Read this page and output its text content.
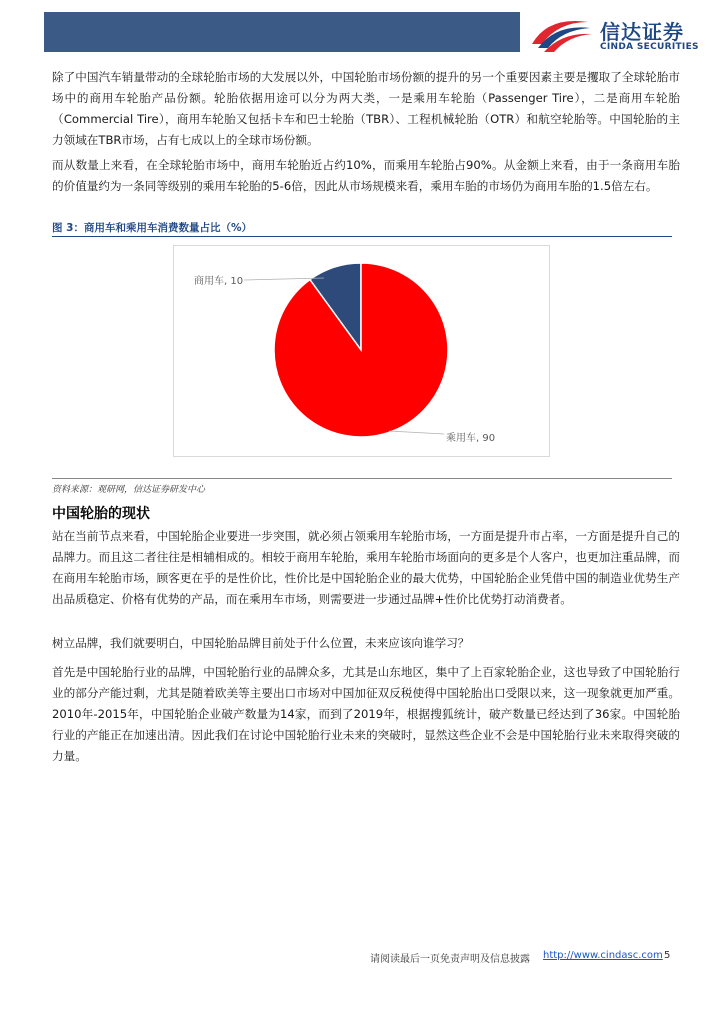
信达证券
CINDA SECURITIES

除了中国汽车销量带动的全球轮胎市场的大发展以外，中国轮胎市场份额的提升的另一个重要因素主要是攫取了全球轮胎市场中的商用车轮胎产品份额。轮胎依据用途可以分为两大类，一是乘用车轮胎（Passenger Tire），二是商用车轮胎（Commercial Tire），商用车轮胎又包括卡车和巴士轮胎（TBR）、工程机械轮胎（OTR）和航空轮胎等。中国轮胎的主力领域在TBR市场，占有七成以上的全球市场份额。

而从数量上来看，在全球轮胎市场中，商用车轮胎近占约10%，而乘用车轮胎占90%。从金额上来看，由于一条商用车胎的价值量约为一条同等级别的乘用车轮胎的5-6倍，因此从市场规模来看，乘用车胎的市场仍为商用车胎的1.5倍左右。

图 3：商用车和乘用车消费数量占比（%）
商用车, 10
乘用车, 90
资料来源：观研网，信达证券研发中心
中国轮胎的现状

站在当前节点来看，中国轮胎企业要进一步突围，就必须占领乘用车轮胎市场，一方面是提升市占率，一方面是提升自己的品牌力。而且这二者往往是相辅相成的。相较于商用车轮胎，乘用车轮胎市场面向的更多是个人客户，也更加注重品牌，而在商用车轮胎市场，顾客更在乎的是性价比，性价比是中国轮胎企业的最大优势，中国轮胎企业凭借中国的制造业优势生产出品质稳定、价格有优势的产品，而在乘用车市场，则需要进一步通过品牌+性价比优势打动消费者。

树立品牌，我们就要明白，中国轮胎品牌目前处于什么位置，未来应该向谁学习？

首先是中国轮胎行业的品牌，中国轮胎行业的品牌众多，尤其是山东地区，集中了上百家轮胎企业，这也导致了中国轮胎行业的部分产能过剩，尤其是随着欧美等主要出口市场对中国加征双反税使得中国轮胎出口受限以来，这一现象就更加严重。2010年-2015年，中国轮胎企业破产数量为14家，而到了2019年，根据搜狐统计，破产数量已经达到了36家。中国轮胎行业的产能正在加速出清。因此我们在讨论中国轮胎行业未来的突破时，显然这些企业不会是中国轮胎行业未来取得突破的力量。

请阅读最后一页免责声明及信息披露 http://www.cindasc.com 5
